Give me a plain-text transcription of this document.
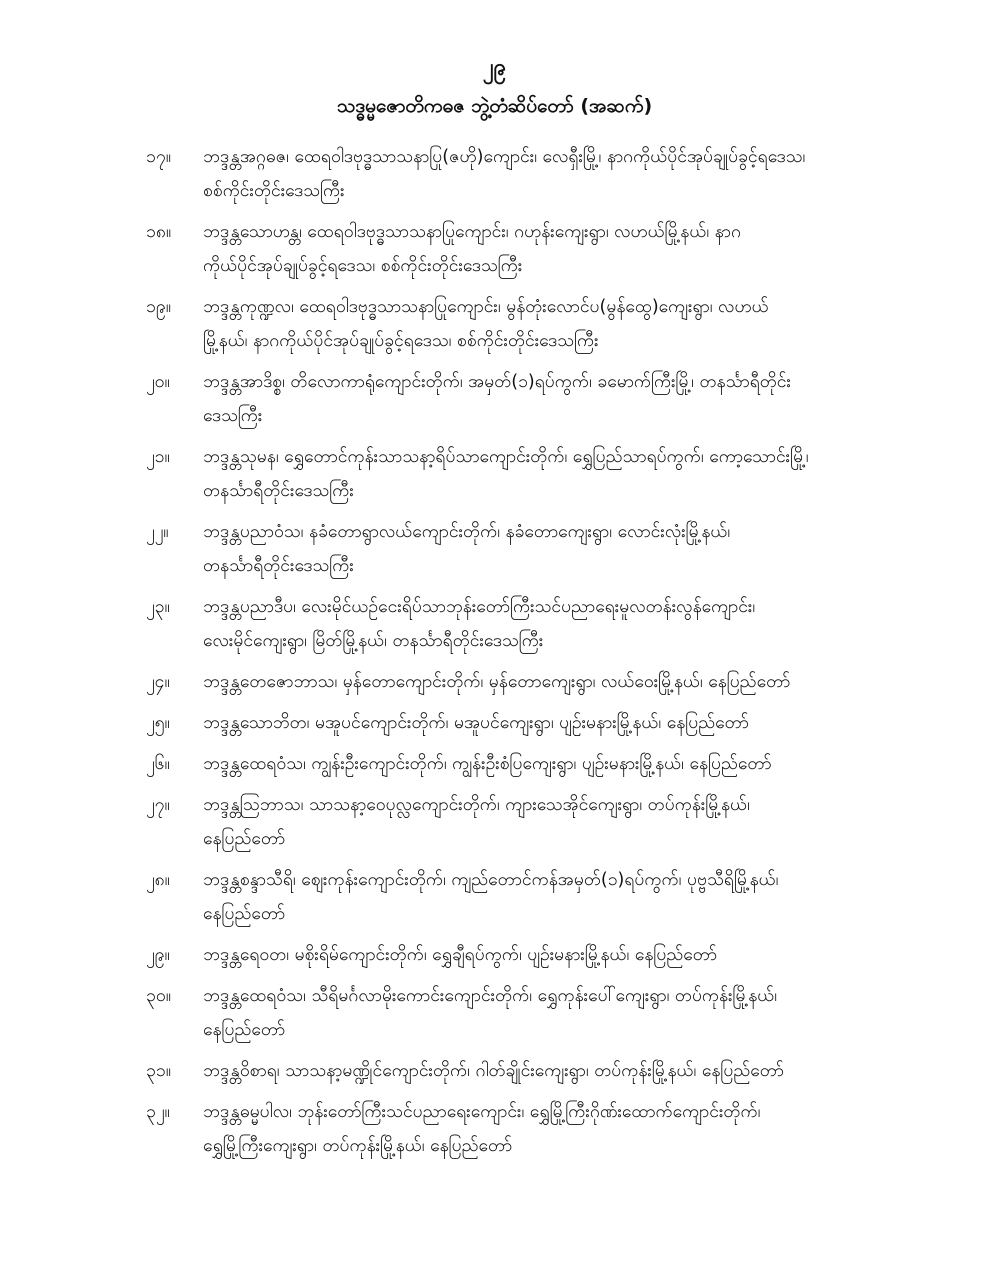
၂၉
သဒ္ဓမ္မဇောတိကဓဇ ဘွဲ့တံဆိပ်တော် (အဆက်)
၁၇။	ဘဒ္ဒန္တအဂ္ဂဓဇ၊ ထေရဝါဒဗုဒ္ဓသာသနာပြု(ဇဟို)ကျောင်း၊ လေရှီးမြို့၊ နာဂကိုယ်ပိုင်အုပ်ချုပ်ခွင့်ရဒေသ၊
စစ်ကိုင်းတိုင်းဒေသကြီး
၁၈။	ဘဒ္ဒန္တသောဟန္တ၊ ထေရဝါဒဗုဒ္ဓသာသနာပြုကျောင်း၊ ဂဟုန်းကျေးရွာ၊ လဟယ်မြို့နယ်၊ နာဂ
ကိုယ်ပိုင်အုပ်ချုပ်ခွင့်ရဒေသ၊ စစ်ကိုင်းတိုင်းဒေသကြီး
၁၉။	ဘဒ္ဒန္တကုဏ္ဍလ၊ ထေရဝါဒဗုဒ္ဓသာသနာပြုကျောင်း၊ မွန်တုံးလောင်ပ(မွန်ထွေ)ကျေးရွာ၊ လဟယ်
မြို့နယ်၊ နာဂကိုယ်ပိုင်အုပ်ချုပ်ခွင့်ရဒေသ၊ စစ်ကိုင်းတိုင်းဒေသကြီး
၂၀။	ဘဒ္ဒန္တအာဒိစ္စ၊ တိလောကာရုံကျောင်းတိုက်၊ အမှတ်(၁)ရပ်ကွက်၊ ခမောက်ကြီးမြို့၊ တနင်္သာရီတိုင်း
ဒေသကြီး
၂၁။	ဘဒ္ဒန္တသုမန၊ ရွှေတောင်ကုန်းသာသနာ့ရိပ်သာကျောင်းတိုက်၊ ရွှေပြည်သာရပ်ကွက်၊ ကော့သောင်းမြို့၊
တနင်္သာရီတိုင်းဒေသကြီး
၂၂။	ဘဒ္ဒန္တပညာဝံသ၊ နခံတောရွာလယ်ကျောင်းတိုက်၊ နခံတောကျေးရွာ၊ လောင်းလုံးမြို့နယ်၊
တနင်္သာရီတိုင်းဒေသကြီး
၂၃။	ဘဒ္ဒန္တပညာဒီပ၊ လေးမိုင်ယဉ်ငေးရိပ်သာဘုန်းတော်ကြီးသင်ပညာရေးမူလတန်းလွန်ကျောင်း၊
လေးမိုင်ကျေးရွာ၊ မြိတ်မြို့နယ်၊ တနင်္သာရီတိုင်းဒေသကြီး
၂၄။	ဘဒ္ဒန္တတေဇောဘာသ၊ မှန်တောကျောင်းတိုက်၊ မှန်တောကျေးရွာ၊ လယ်ဝေးမြို့နယ်၊ နေပြည်တော်
၂၅။	ဘဒ္ဒန္တသောဘိတ၊ မအူပင်ကျောင်းတိုက်၊ မအူပင်ကျေးရွာ၊ ပျဉ်းမနားမြို့နယ်၊ နေပြည်တော်
၂၆။	ဘဒ္ဒန္တထေရဝံသ၊ ကျွန်းဦးကျောင်းတိုက်၊ ကျွန်းဦးစံပြကျေးရွာ၊ ပျဉ်းမနားမြို့နယ်၊ နေပြည်တော်
၂၇။	ဘဒ္ဒန္တသြဘာသ၊ သာသနာ့ဝေပုလ္လကျောင်းတိုက်၊ ကျားသေအိုင်ကျေးရွာ၊ တပ်ကုန်းမြို့နယ်၊
နေပြည်တော်
၂၈။	ဘဒ္ဒန္တစန္ဒာသီရိ၊ ဈေးကုန်းကျောင်းတိုက်၊ ကျည်တောင်ကန်အမှတ်(၁)ရပ်ကွက်၊ ပုဗ္ဗသီရိမြို့နယ်၊
နေပြည်တော်
၂၉။	ဘဒ္ဒန္တရေဝတ၊ မစိုးရိမ်ကျောင်းတိုက်၊ ရွှေချီရပ်ကွက်၊ ပျဉ်းမနားမြို့နယ်၊ နေပြည်တော်
၃၀။	ဘဒ္ဒန္တထေရဝံသ၊ သီရိမင်္ဂလာမိုးကောင်းကျောင်းတိုက်၊ ရွှေကုန်းပေါ်ကျေးရွာ၊ တပ်ကုန်းမြို့နယ်၊
နေပြည်တော်
၃၁။	ဘဒ္ဒန္တဝိစာရ၊ သာသနာ့မဏ္ဍိုင်ကျောင်းတိုက်၊ ဂါတ်ချိုင်းကျေးရွာ၊ တပ်ကုန်းမြို့နယ်၊ နေပြည်တော်
၃၂။	ဘဒ္ဒန္တဓမ္မပါလ၊ ဘုန်းတော်ကြီးသင်ပညာရေးကျောင်း၊ ရွှေမြို့ကြီးဂိုဏ်းထောက်ကျောင်းတိုက်၊
ရွှေမြို့ကြီးကျေးရွာ၊ တပ်ကုန်းမြို့နယ်၊ နေပြည်တော်
